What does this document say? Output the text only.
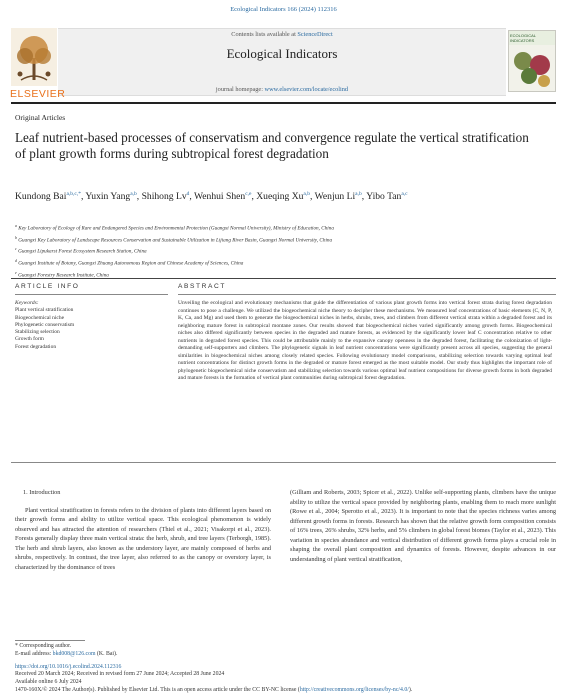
Ecological Indicators 166 (2024) 112316
Contents lists available at ScienceDirect
Ecological Indicators
journal homepage: www.elsevier.com/locate/ecolind
ELSEVIER
ECOLOGICAL INDICATORS
Original Articles
Leaf nutrient-based processes of conservatism and convergence regulate the vertical stratification of plant growth forms during subtropical forest degradation
Kundong Bai$^{a,b,c,*}$, Yuxin Yang$^{a,b}$, Shihong Lv$^d$, Wenhui Shen$^{c,e}$, Xueqing Xu$^{a,b}$, Wenjun Li$^{a,b}$, Yibo Tan$^{a,c}$
$^a$ Key Laboratory of Ecology of Rare and Endangered Species and Environmental Protection (Guangxi Normal University), Ministry of Education, China
$^b$ Guangxi Key Laboratory of Landscape Resources Conservation and Sustainable Utilization in Lijiang River Basin, Guangxi Normal University, China
$^c$ Guangxi Lipukarst Forest Ecosystem Research Station, China
$^d$ Guangxi Institute of Botany, Guangxi Zhuang Autonomous Region and Chinese Academy of Sciences, China
$^e$ Guangxi Forestry Research Institute, China
ARTICLE INFO	ABSTRACT
Keywords:
Plant vertical stratification
Biogeochemical niche
Phylogenetic conservatism
Stabilizing selection
Growth form
Forest degradation
Unveiling the ecological and evolutionary mechanisms that guide the differentiation of various plant growth forms into vertical forest strata during forest degradation continues to pose a challenge. We utilized the biogeochemical niche theory to decipher these mechanisms. We measured leaf concentrations of basic elements (C, N, P, K, Ca, and Mg) and used them to generate the biogeochemical niches in herbs, shrubs, trees, and climbers from different vertical strata within a degraded forest and its neighboring mature forest in subtropical montane zones. Our results showed that biogeochemical niches varied significantly among growth forms. Biogeochemical niches also differed significantly between species in the degraded and mature forests, as evidenced by the significantly lower leaf C concentration relative to other nutrients in degraded forest species. This could be attributable mainly to the expansive canopy openness in the degraded forest, facilitating the colonization of light-demanding self-supporters and climbers. The phylogenetic signals in leaf nutrient concentrations were significantly present across all species, suggesting the general similarities in biogeochemical niches among closely related species. Following evolutionary model comparisons, stabilizing selection towards varying optimal leaf nutrient concentrations for distinct growth forms in the degraded or mature forest emerged as the most suitable model. Our study thus highlights the important role of phylogenetic biogeochemical niche conservatism and stabilizing selection towards various optimal leaf nutrient compositions for diverse growth forms in both degraded and mature forests in the formation of vertical plant communities during subtropical forest degradation.
1. Introduction

Plant vertical stratification in forests refers to the division of plants into different layers based on their growth forms and ability to utilize vertical space. This ecological phenomenon is widely observed and has attracted the attention of researchers (Thiel et al., 2021; Visakorpi et al., 2023). Forests generally display three main vertical strata: the herb, shrub, and tree layers (Terborgh, 1985). The herb and shrub layers, also known as the understory layer, are mainly composed of herbs and shrubs, respectively. In contrast, the tree layer, also referred to as the canopy or overstory layer, is characterized by the dominance of trees

(Gilliam and Roberts, 2003; Spicer et al., 2022). Unlike self-supporting plants, climbers have the unique ability to utilize the vertical space provided by neighboring plants, enabling them to reach more sunlight (Rowe et al., 2004; Sperotto et al., 2023). It is important to note that the species richness varies among different growth forms in forests. Research has shown that the relative growth form composition consists of 16% trees, 26% shrubs, 32% herbs, and 5% climbers in global forest biomes (Taylor et al., 2023). This variation in species abundance and vertical distribution of different growth forms plays a crucial role in shaping the overall plant composition and dynamics of forests. However, despite advances in our understanding of plant vertical stratification,

* Corresponding author.
E-mail address: bkd008@126.com (K. Bai).
https://doi.org/10.1016/j.ecolind.2024.112316
Received 20 March 2024; Received in revised form 27 June 2024; Accepted 28 June 2024
Available online 6 July 2024
1470-160X/© 2024 The Author(s). Published by Elsevier Ltd. This is an open access article under the CC BY-NC license (http://creativecommons.org/licenses/by-nc/4.0/).
